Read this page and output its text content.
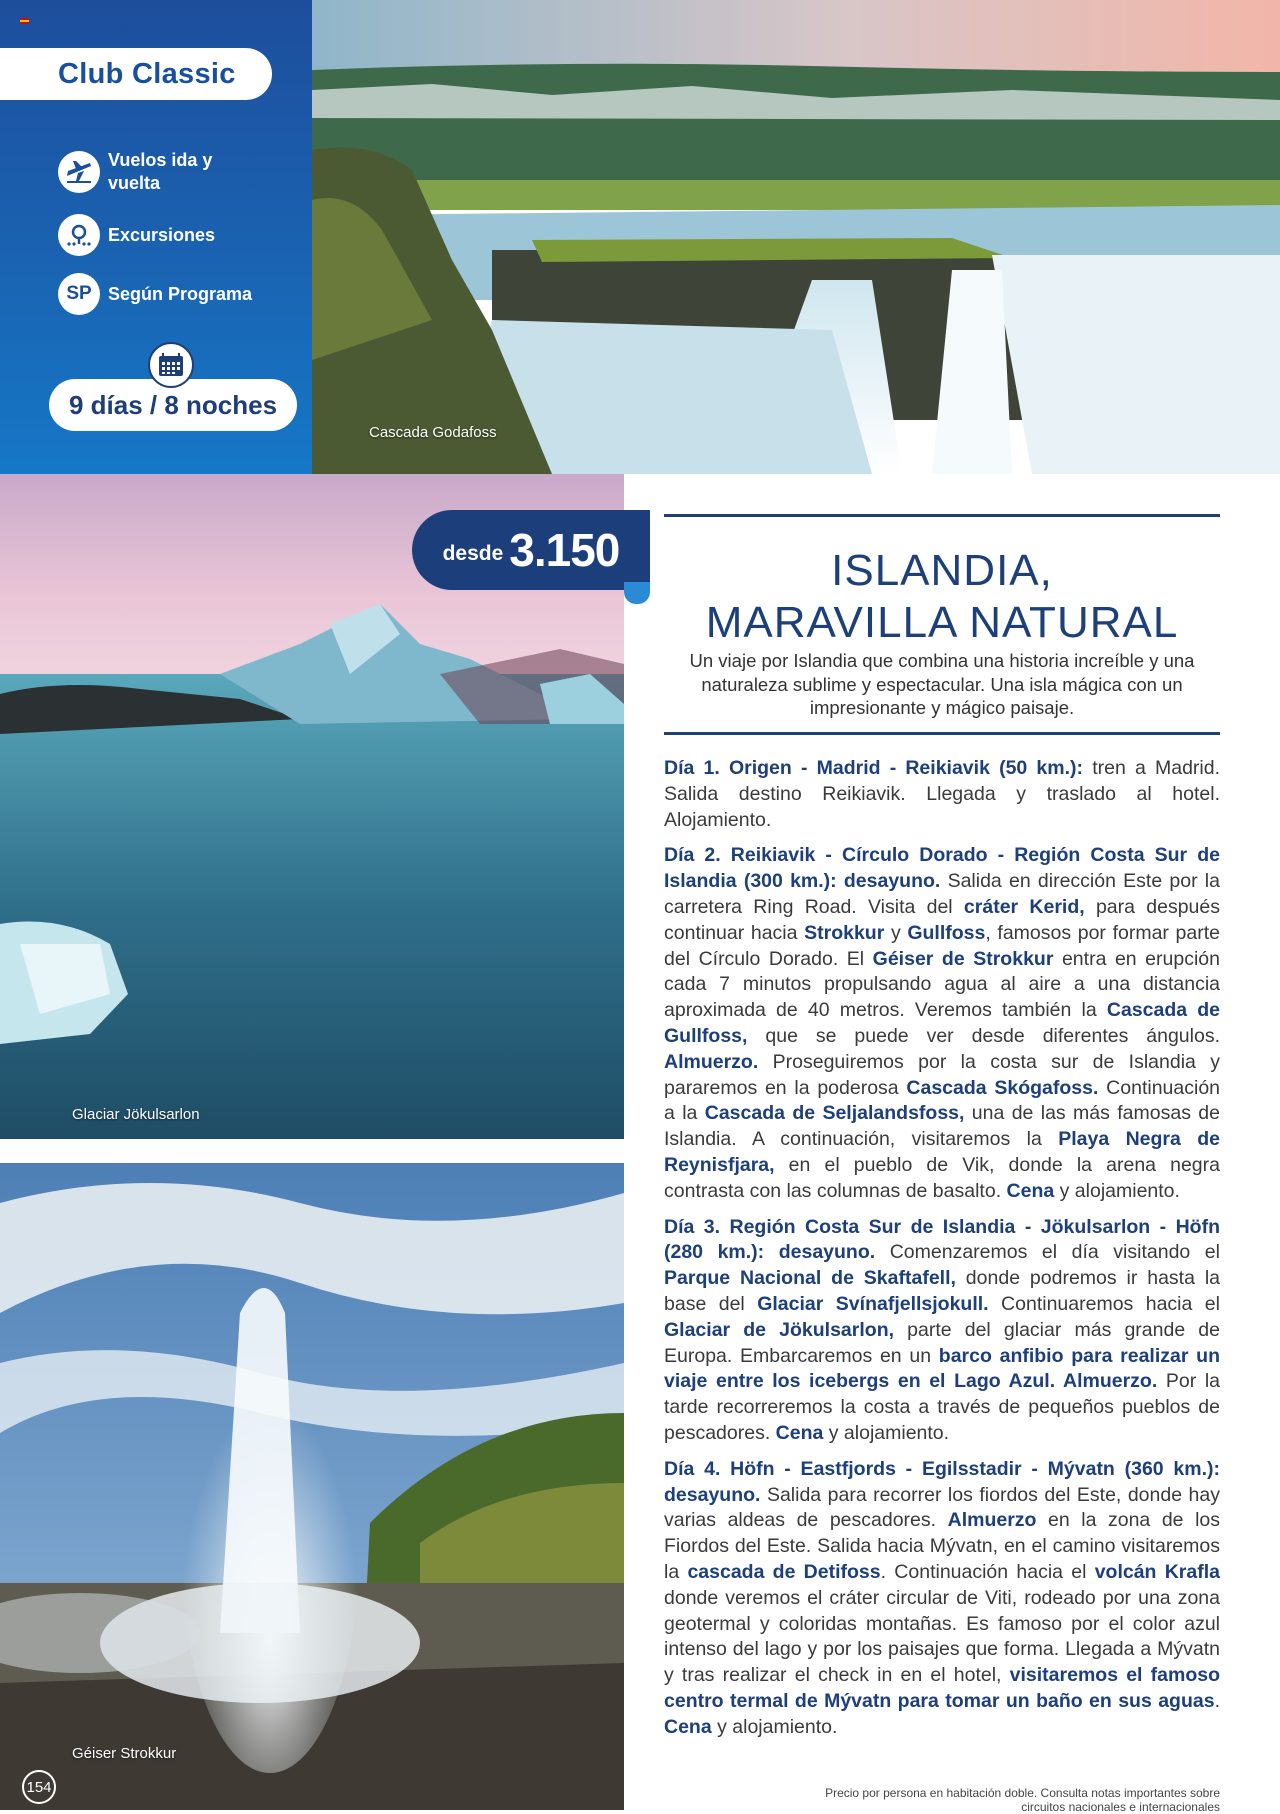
Club Classic
Vuelos ida y vuelta
Excursiones
SP Según Programa
9 días / 8 noches
Cascada Godafoss
Glaciar Jökulsarlon
Géiser Strokkur
154
desde 3.150	ISLANDIA,
MARAVILLA NATURAL
Un viaje por Islandia que combina una historia increíble y una naturaleza sublime y espectacular. Una isla mágica con un impresionante y mágico paisaje.

Día 1. Origen - Madrid - Reikiavik (50 km.): tren a Madrid. Salida destino Reikiavik. Llegada y traslado al hotel. Alojamiento.

Día 2. Reikiavik - Círculo Dorado - Región Costa Sur de Islandia (300 km.): desayuno. Salida en dirección Este por la carretera Ring Road. Visita del cráter Kerid, para después continuar hacia Strokkur y Gullfoss, famosos por formar parte del Círculo Dorado. El Géiser de Strokkur entra en erupción cada 7 minutos propulsando agua al aire a una distancia aproximada de 40 metros. Veremos también la Cascada de Gullfoss, que se puede ver desde diferentes ángulos. Almuerzo. Proseguiremos por la costa sur de Islandia y pararemos en la poderosa Cascada Skógafoss. Continuación a la Cascada de Seljalandsfoss, una de las más famosas de Islandia. A continuación, visitaremos la Playa Negra de Reynisfjara, en el pueblo de Vik, donde la arena negra contrasta con las columnas de basalto. Cena y alojamiento.

Día 3. Región Costa Sur de Islandia - Jökulsarlon - Höfn (280 km.): desayuno. Comenzaremos el día visitando el Parque Nacional de Skaftafell, donde podremos ir hasta la base del Glaciar Svínafjellsjokull. Continuaremos hacia el Glaciar de Jökulsarlon, parte del glaciar más grande de Europa. Embarcaremos en un barco anfibio para realizar un viaje entre los icebergs en el Lago Azul. Almuerzo. Por la tarde recorreremos la costa a través de pequeños pueblos de pescadores. Cena y alojamiento.

Día 4. Höfn - Eastfjords - Egilsstadir - Mývatn (360 km.): desayuno. Salida para recorrer los fiordos del Este, donde hay varias aldeas de pescadores. Almuerzo en la zona de los Fiordos del Este. Salida hacia Mývatn, en el camino visitaremos la cascada de Detifoss. Continuación hacia el volcán Krafla donde veremos el cráter circular de Viti, rodeado por una zona geotermal y coloridas montañas. Es famoso por el color azul intenso del lago y por los paisajes que forma. Llegada a Mývatn y tras realizar el check in en el hotel, visitaremos el famoso centro termal de Mývatn para tomar un baño en sus aguas. Cena y alojamiento.

Precio por persona en habitación doble. Consulta notas importantes sobre
circuitos nacionales e internacionales
